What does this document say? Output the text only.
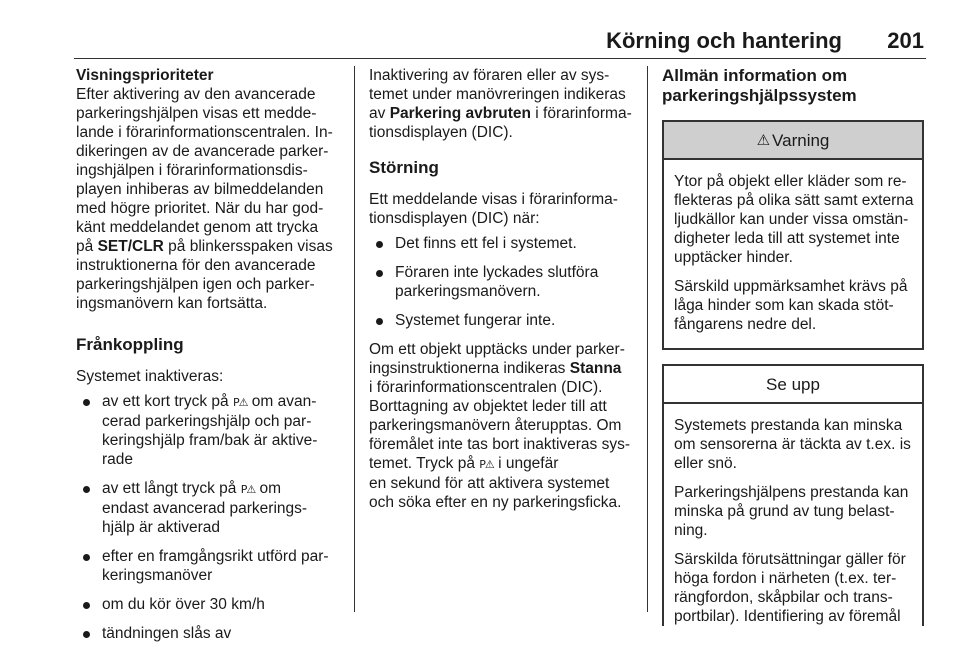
Körning och hantering 201
Visningsprioriteter

Efter aktivering av den avancerade
parkeringshjälpen visas ett medde-
lande i förarinformationscentralen. In-
dikeringen av de avancerade parker-
ingshjälpen i förarinformationsdis-
playen inhiberas av bilmeddelanden
med högre prioritet. När du har god-
känt meddelandet genom att trycka
på SET/CLR på blinkersspaken visas
instruktionerna för den avancerade
parkeringshjälpen igen och parker-
ingsmanövern kan fortsätta.

Frånkoppling

Systemet inaktiveras:

av ett kort tryck på P⚠ om avan-
cerad parkeringshjälp och par-
keringshjälp fram/bak är aktive-
rade
av ett långt tryck på P⚠ om
endast avancerad parkerings-
hjälp är aktiverad
efter en framgångsrikt utförd par-
keringsmanöver
om du kör över 30 km/h
tändningen slås av

Inaktivering av föraren eller av sys-
temet under manövreringen indikeras
av Parkering avbruten i förarinforma-
tionsdisplayen (DIC).

Störning

Ett meddelande visas i förarinforma-
tionsdisplayen (DIC) när:

Det finns ett fel i systemet.
Föraren inte lyckades slutföra
parkeringsmanövern.
Systemet fungerar inte.

Om ett objekt upptäcks under parker-
ingsinstruktionerna indikeras Stanna
i förarinformationscentralen (DIC).
Borttagning av objektet leder till att
parkeringsmanövern återupptas. Om
föremålet inte tas bort inaktiveras sys-
temet. Tryck på P⚠ i ungefär
en sekund för att aktivera systemet
och söka efter en ny parkeringsficka.

Allmän information om
parkeringshjälpssystem
⚠ Varning

Ytor på objekt eller kläder som re-
flekteras på olika sätt samt externa
ljudkällor kan under vissa omstän-
digheter leda till att systemet inte
upptäcker hinder.

Särskild uppmärksamhet krävs på
låga hinder som kan skada stöt-
fångarens nedre del.

Se upp

Systemets prestanda kan minska
om sensorerna är täckta av t.ex. is
eller snö.

Parkeringshjälpens prestanda kan
minska på grund av tung belast-
ning.

Särskilda förutsättningar gäller för
höga fordon i närheten (t.ex. ter-
rängfordon, skåpbilar och trans-
portbilar). Identifiering av föremål
